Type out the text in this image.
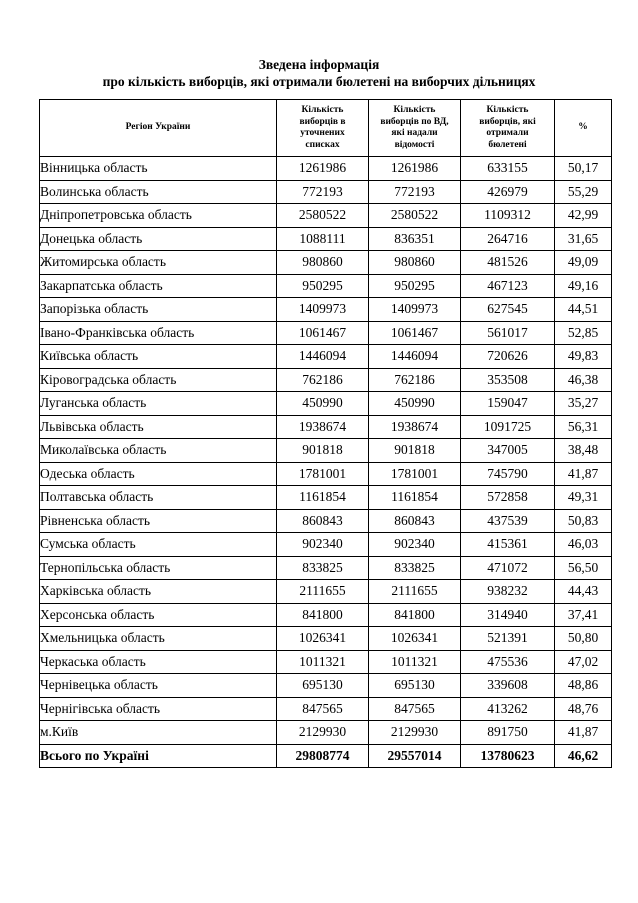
Зведена інформація
про кількість виборців, які отримали бюлетені на виборчих дільницях
Регіон України	Кількість виборців в уточнених списках	Кількість виборців по ВД, які надали відомості	Кількість виборців, які отримали бюлетені	%

Вінницька область	1261986	1261986	633155	50,17
Волинська область	772193	772193	426979	55,29
Дніпропетровська область	2580522	2580522	1109312	42,99
Донецька область	1088111	836351	264716	31,65
Житомирська область	980860	980860	481526	49,09
Закарпатська область	950295	950295	467123	49,16
Запорізька область	1409973	1409973	627545	44,51
Івано-Франківська область	1061467	1061467	561017	52,85
Київська область	1446094	1446094	720626	49,83
Кіровоградська область	762186	762186	353508	46,38
Луганська область	450990	450990	159047	35,27
Львівська область	1938674	1938674	1091725	56,31
Миколаївська область	901818	901818	347005	38,48
Одеська область	1781001	1781001	745790	41,87
Полтавська область	1161854	1161854	572858	49,31
Рівненська область	860843	860843	437539	50,83
Сумська область	902340	902340	415361	46,03
Тернопільська область	833825	833825	471072	56,50
Харківська область	2111655	2111655	938232	44,43
Херсонська область	841800	841800	314940	37,41
Хмельницька область	1026341	1026341	521391	50,80
Черкаська область	1011321	1011321	475536	47,02
Чернівецька область	695130	695130	339608	48,86
Чернігівська область	847565	847565	413262	48,76
м.Київ	2129930	2129930	891750	41,87
Всього по Україні	29808774	29557014	13780623	46,62
